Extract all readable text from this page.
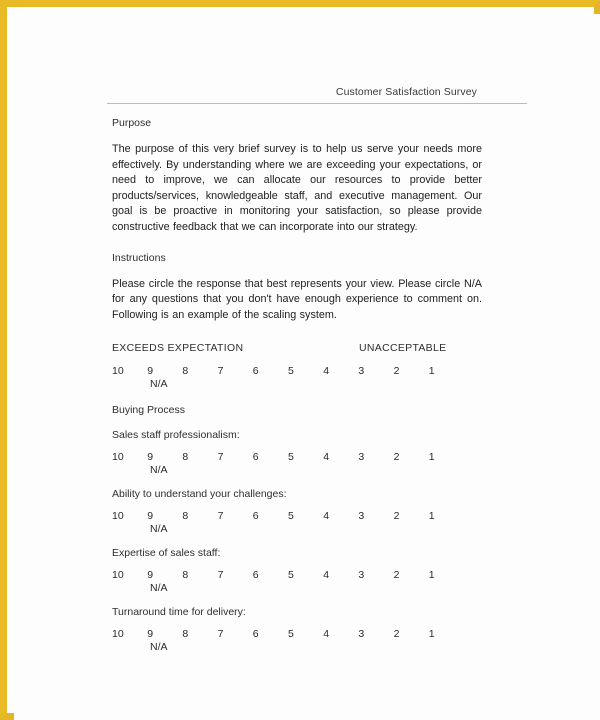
Customer Satisfaction Survey
Purpose

The purpose of this very brief survey is to help us serve your needs more effectively. By understanding where we are exceeding your expectations, or need to improve, we can allocate our resources to provide better products/services, knowledgeable staff, and executive management. Our goal is be proactive in monitoring your satisfaction, so please provide constructive feedback that we can incorporate into our strategy.

Instructions

Please circle the response that best represents your view. Please circle N/A for any questions that you don't have enough experience to comment on. Following is an example of the scaling system.

EXCEEDS EXPECTATION	UNACCEPTABLE
10 9	8	7	6	5	4	3	2	1
N/A
Buying Process
Sales staff professionalism:
10 9	8	7	6	5	4	3	2	1
N/A
Ability to understand your challenges:
10 9	8	7	6	5	4	3	2	1
N/A
Expertise of sales staff:
10 9	8	7	6	5	4	3	2	1
N/A
Turnaround time for delivery:
10 9	8	7	6	5	4	3	2	1
N/A
